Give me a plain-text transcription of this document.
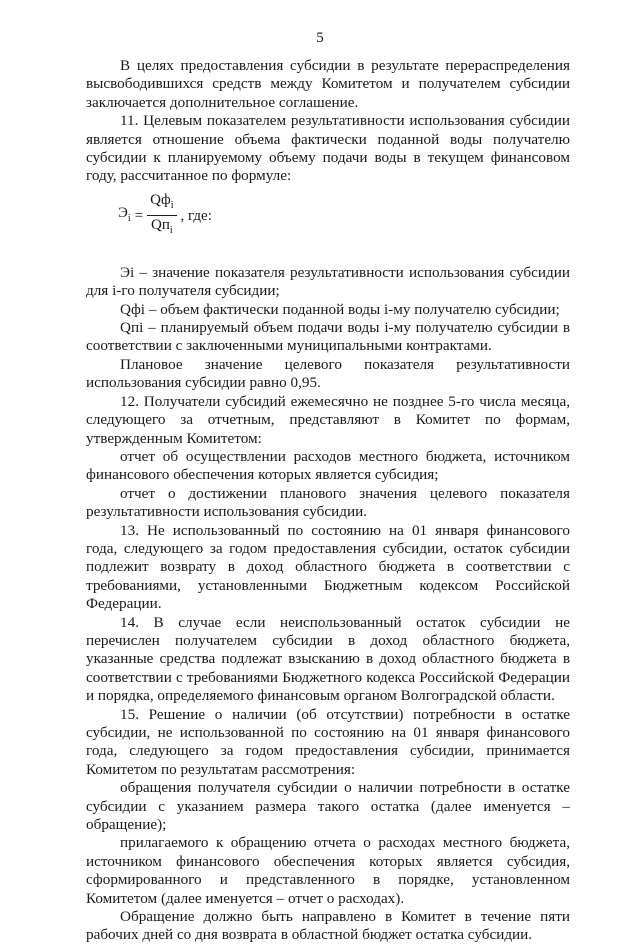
5

В целях предоставления субсидии в результате перераспределения высвободившихся средств между Комитетом и получателем субсидии заключается дополнительное соглашение.

11. Целевым показателем результативности использования субсидии является отношение объема фактически поданной воды получателю субсидии к планируемому объему подачи воды в текущем финансовом году, рассчитанное по формуле:

$Э_i = \frac{Qф_i}{Qп_i}$ , где:

Эi – значение показателя результативности использования субсидии для i-го получателя субсидии;

Qфi – объем фактически поданной воды i-му получателю субсидии;

Qпi – планируемый объем подачи воды i-му получателю субсидии в соответствии с заключенными муниципальными контрактами.

Плановое значение целевого показателя результативности использования субсидии равно 0,95.

12. Получатели субсидий ежемесячно не позднее 5-го числа месяца, следующего за отчетным, представляют в Комитет по формам, утвержденным Комитетом:

отчет об осуществлении расходов местного бюджета, источником финансового обеспечения которых является субсидия;

отчет о достижении планового значения целевого показателя результативности использования субсидии.

13. Не использованный по состоянию на 01 января финансового года, следующего за годом предоставления субсидии, остаток субсидии подлежит возврату в доход областного бюджета в соответствии с требованиями, установленными Бюджетным кодексом Российской Федерации.

14. В случае если неиспользованный остаток субсидии не перечислен получателем субсидии в доход областного бюджета, указанные средства подлежат взысканию в доход областного бюджета в соответствии с требованиями Бюджетного кодекса Российской Федерации и порядка, определяемого финансовым органом Волгоградской области.

15. Решение о наличии (об отсутствии) потребности в остатке субсидии, не использованной по состоянию на 01 января финансового года, следующего за годом предоставления субсидии, принимается Комитетом по результатам рассмотрения:

обращения получателя субсидии о наличии потребности в остатке субсидии с указанием размера такого остатка (далее именуется – обращение);

прилагаемого к обращению отчета о расходах местного бюджета, источником финансового обеспечения которых является субсидия, сформированного и представленного в порядке, установленном Комитетом (далее именуется – отчет о расходах).

Обращение должно быть направлено в Комитет в течение пяти рабочих дней со дня возврата в областной бюджет остатка субсидии.
